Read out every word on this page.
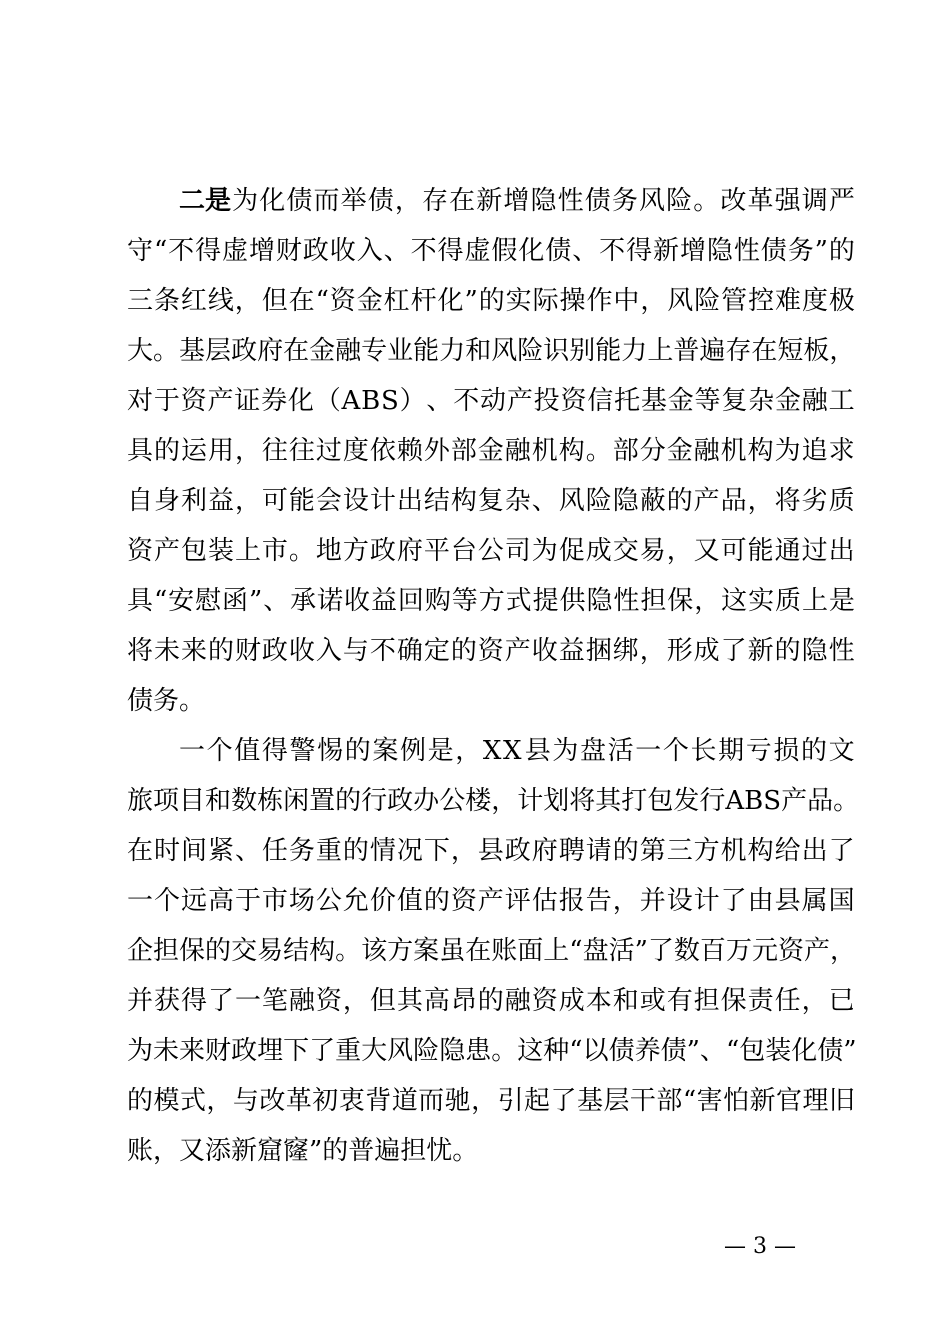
二是 为 化 债 而 举 债 ， 存 在 新 增 隐 性 债 务 风 险 。 改 革 强 调 严
守 “ 不 得 虚 增 财 政 收 入 、 不 得 虚 假 化 债 、 不 得 新 增 隐 性 债 务 ” 的
三 条 红 线 ， 但 在 “ 资 金 杠 杆 化 ” 的 实 际 操 作 中 ， 风 险 管 控 难 度 极
大 。 基 层 政 府 在 金 融 专 业 能 力 和 风 险 识 别 能 力 上 普 遍 存 在 短 板 ，
对 于 资 产 证 券 化 （ A B S ） 、 不 动 产 投 资 信 托 基 金 等 复 杂 金 融 工
具 的 运 用 ， 往 往 过 度 依 赖 外 部 金 融 机 构 。 部 分 金 融 机 构 为 追 求
自 身 利 益 ， 可 能 会 设 计 出 结 构 复 杂 、 风 险 隐 蔽 的 产 品 ， 将 劣 质
资 产 包 装 上 市 。 地 方 政 府 平 台 公 司 为 促 成 交 易 ， 又 可 能 通 过 出
具 “ 安 慰 函 ” 、 承 诺 收 益 回 购 等 方 式 提 供 隐 性 担 保 ， 这 实 质 上 是
将 未 来 的 财 政 收 入 与 不 确 定 的 资 产 收 益 捆 绑 ， 形 成 了 新 的 隐 性
债务。
一 个 值 得 警 惕 的 案 例 是 ， X X 县 为 盘 活 一 个 长 期 亏 损 的 文
旅 项 目 和 数 栋 闲 置 的 行 政 办 公 楼 ， 计 划 将 其 打 包 发 行 A B S 产 品 。
在 时 间 紧 、 任 务 重 的 情 况 下 ， 县 政 府 聘 请 的 第 三 方 机 构 给 出 了
一 个 远 高 于 市 场 公 允 价 值 的 资 产 评 估 报 告 ， 并 设 计 了 由 县 属 国
企 担 保 的 交 易 结 构 。 该 方 案 虽 在 账 面 上 “ 盘 活 ” 了 数 百 万 元 资 产 ，
并 获 得 了 一 笔 融 资 ， 但 其 高 昂 的 融 资 成 本 和 或 有 担 保 责 任 ， 已
为 未 来 财 政 埋 下 了 重 大 风 险 隐 患 。 这 种 “ 以 债 养 债 ” 、 “ 包 装 化 债 ”
的 模 式 ， 与 改 革 初 衷 背 道 而 驰 ， 引 起 了 基 层 干 部 “ 害 怕 新 官 理 旧
账，又添新窟窿”的普遍担忧。
— 3 —
